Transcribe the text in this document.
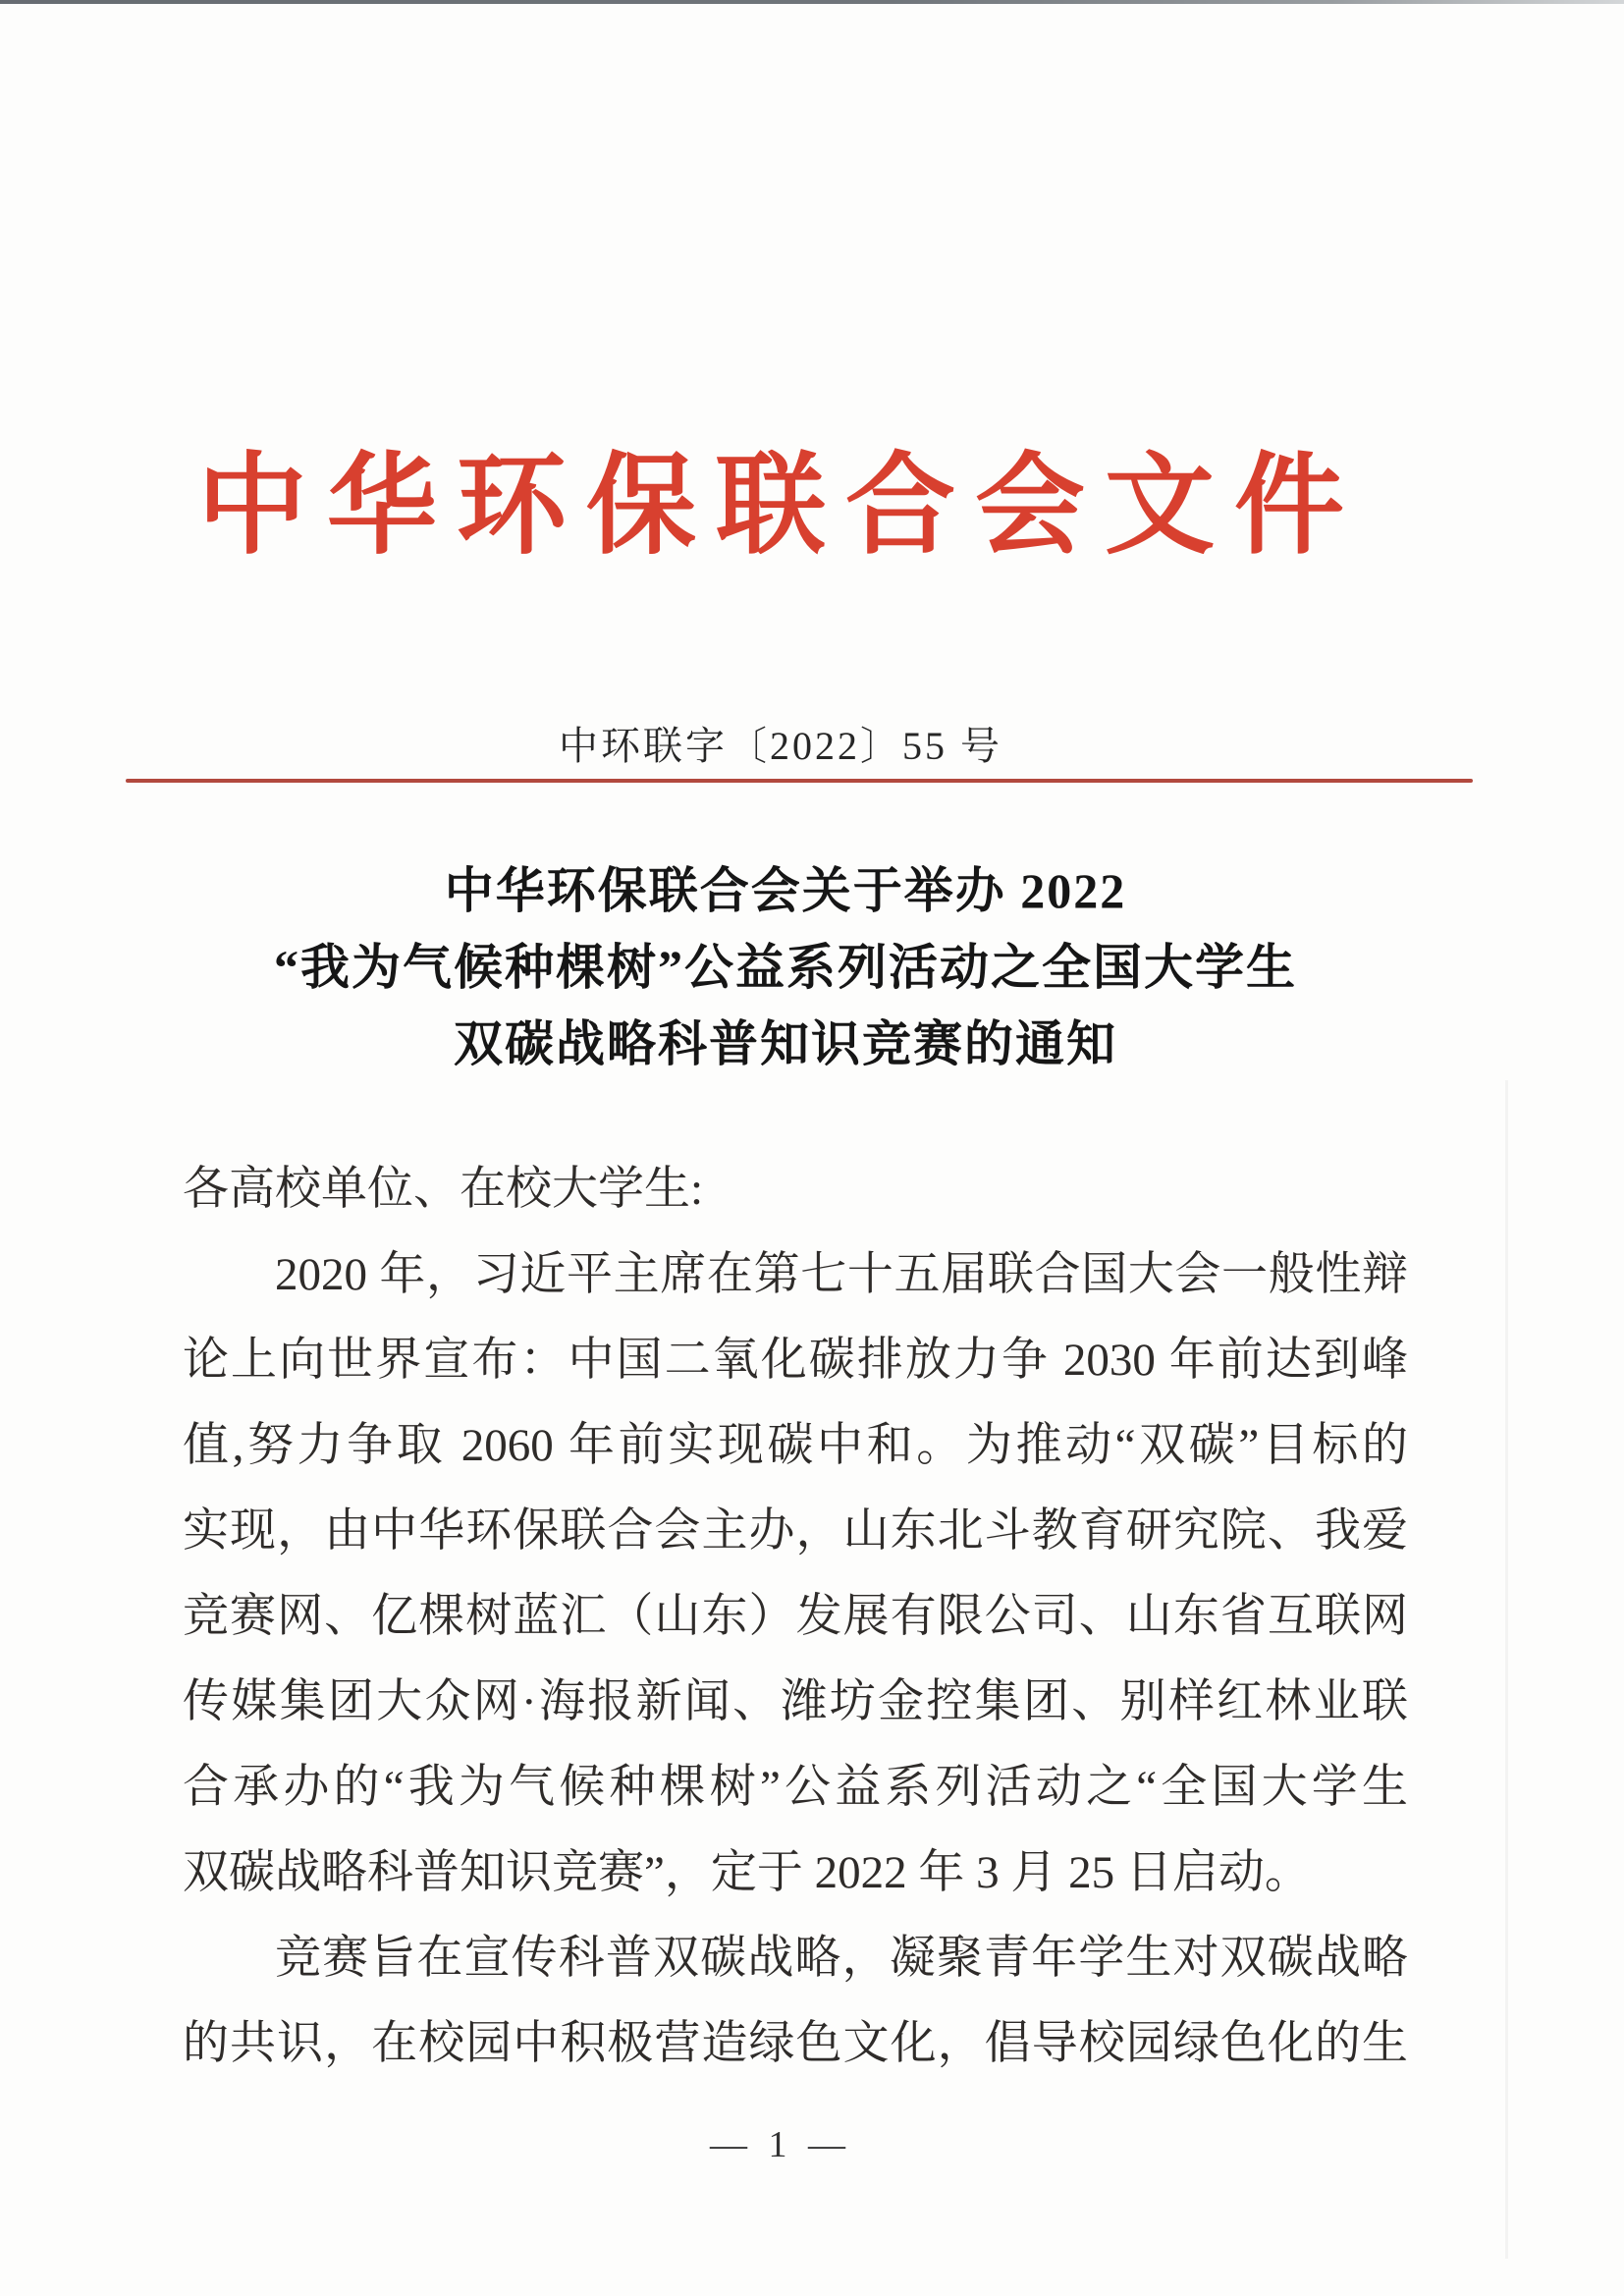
中华环保联合会文件
中环联字〔2022〕55 号
中华环保联合会关于举办 2022
“我为气候种棵树”公益系列活动之全国大学生
双碳战略科普知识竞赛的通知
各高校单位、在校大学生:
2020 年，习近平主席在第七十五届联合国大会一般性辩
论上向世界宣布：中国二氧化碳排放力争 2030 年前达到峰
值,努力争取 2060 年前实现碳中和。为推动“双碳”目标的
实现，由中华环保联合会主办，山东北斗教育研究院、我爱
竞赛网、亿棵树蓝汇（山东）发展有限公司、山东省互联网
传媒集团大众网·海报新闻、潍坊金控集团、别样红林业联
合承办的“我为气候种棵树”公益系列活动之“全国大学生
双碳战略科普知识竞赛”，定于 2022 年 3 月 25 日启动。
竞赛旨在宣传科普双碳战略，凝聚青年学生对双碳战略
的共识，在校园中积极营造绿色文化，倡导校园绿色化的生
— 1 —
